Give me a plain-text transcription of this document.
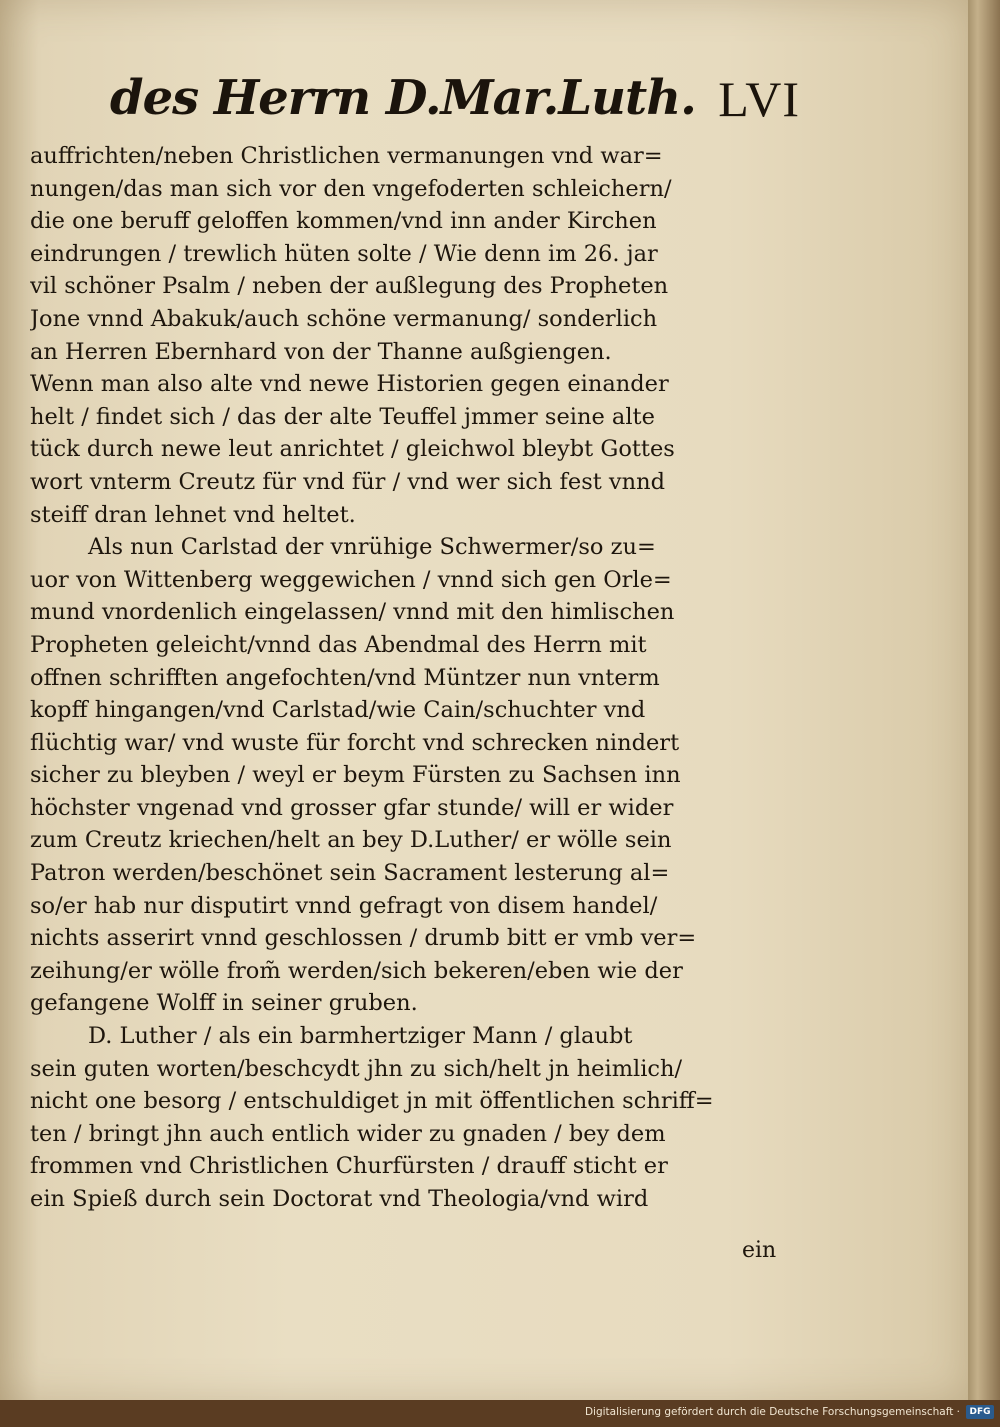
des Herrn D.Mar.Luth. LVI
auffrichten/neben Christlichen vermanungen vnd war=
nungen/das man sich vor den vngefoderten schleichern/
die one beruff geloffen kommen/vnd inn ander Kirchen
eindrungen / trewlich hüten solte / Wie denn im 26. jar
vil schöner Psalm / neben der außlegung des Propheten
Jone vnnd Abakuk/auch schöne vermanung/ sonderlich
an Herren Ebernhard von der Thanne außgiengen.
Wenn man also alte vnd newe Historien gegen einander
helt / findet sich / das der alte Teuffel jmmer seine alte
tück durch newe leut anrichtet / gleichwol bleybt Gottes
wort vnterm Creutz für vnd für / vnd wer sich fest vnnd
steiff dran lehnet vnd heltet.
Als nun Carlstad der vnrühige Schwermer/so zu=
uor von Wittenberg weggewichen / vnnd sich gen Orle=
mund vnordenlich eingelassen/ vnnd mit den himlischen
Propheten geleicht/vnnd das Abendmal des Herrn mit
offnen schrifften angefochten/vnd Müntzer nun vnterm
kopff hingangen/vnd Carlstad/wie Cain/schuchter vnd
flüchtig war/ vnd wuste für forcht vnd schrecken nindert
sicher zu bleyben / weyl er beym Fürsten zu Sachsen inn
höchster vngenad vnd grosser gfar stunde/ will er wider
zum Creutz kriechen/helt an bey D.Luther/ er wölle sein
Patron werden/beschönet sein Sacrament lesterung al=
so/er hab nur disputirt vnnd gefragt von disem handel/
nichts asserirt vnnd geschlossen / drumb bitt er vmb ver=
zeihung/er wölle from̃ werden/sich bekeren/eben wie der
gefangene Wolff in seiner gruben.
D. Luther / als ein barmhertziger Mann / glaubt
sein guten worten/beschcydt jhn zu sich/helt jn heimlich/
nicht one besorg / entschuldiget jn mit öffentlichen schriff=
ten / bringt jhn auch entlich wider zu gnaden / bey dem
frommen vnd Christlichen Churfürsten / drauff sticht er
ein Spieß durch sein Doctorat vnd Theologia/vnd wird
ein
Digitalisierung gefördert durch die Deutsche Forschungsgemeinschaft ·	DFG
